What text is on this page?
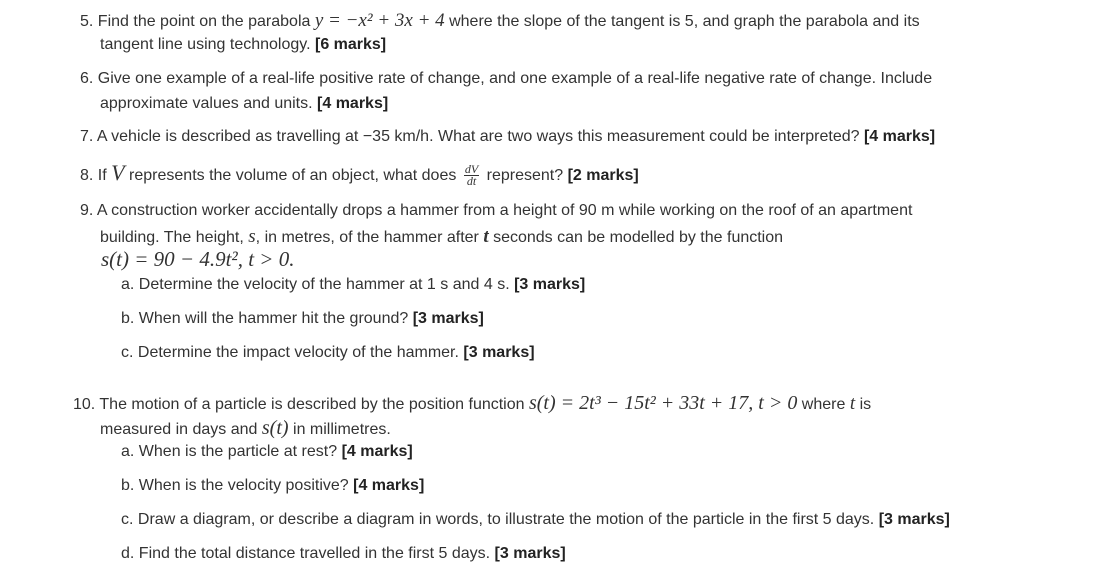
5. Find the point on the parabola y = −x² + 3x + 4 where the slope of the tangent is 5, and graph the parabola and its
tangent line using technology. [6 marks]
6. Give one example of a real-life positive rate of change, and one example of a real-life negative rate of change. Include
approximate values and units. [4 marks]
7. A vehicle is described as travelling at −35 km/h. What are two ways this measurement could be interpreted? [4 marks]
8. If V represents the volume of an object, what does $\frac{dV}{dt}$ represent? [2 marks]
9. A construction worker accidentally drops a hammer from a height of 90 m while working on the roof of an apartment
building. The height, s, in metres, of the hammer after t seconds can be modelled by the function
s(t) = 90 − 4.9t², t > 0.
a. Determine the velocity of the hammer at 1 s and 4 s. [3 marks]
b. When will the hammer hit the ground? [3 marks]
c. Determine the impact velocity of the hammer. [3 marks]
10. The motion of a particle is described by the position function s(t) = 2t³ − 15t² + 33t + 17, t > 0 where t is
measured in days and s(t) in millimetres.
a. When is the particle at rest? [4 marks]
b. When is the velocity positive? [4 marks]
c. Draw a diagram, or describe a diagram in words, to illustrate the motion of the particle in the first 5 days. [3 marks]
d. Find the total distance travelled in the first 5 days. [3 marks]
